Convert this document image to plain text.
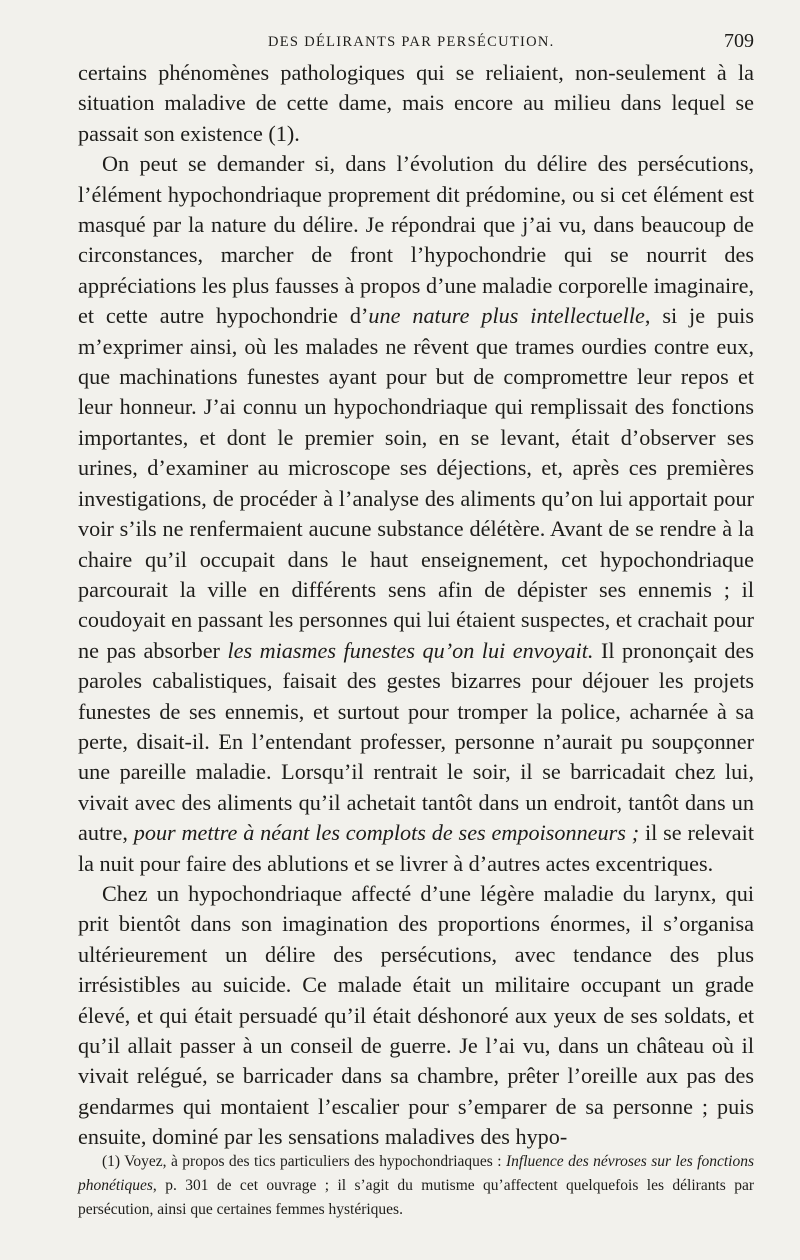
DES DÉLIRANTS PAR PERSÉCUTION.	709

certains phénomènes pathologiques qui se reliaient, non-seulement à la situation maladive de cette dame, mais encore au milieu dans lequel se passait son existence (1).

On peut se demander si, dans l’évolution du délire des persécutions, l’élément hypochondriaque proprement dit prédomine, ou si cet élément est masqué par la nature du délire. Je répondrai que j’ai vu, dans beaucoup de circonstances, marcher de front l’hypochondrie qui se nourrit des appréciations les plus fausses à propos d’une maladie corporelle imaginaire, et cette autre hypochondrie d’une nature plus intellectuelle, si je puis m’exprimer ainsi, où les malades ne rêvent que trames ourdies contre eux, que machinations funestes ayant pour but de compromettre leur repos et leur honneur. J’ai connu un hypochondriaque qui remplissait des fonctions importantes, et dont le premier soin, en se levant, était d’observer ses urines, d’examiner au microscope ses déjections, et, après ces premières investigations, de procéder à l’analyse des aliments qu’on lui apportait pour voir s’ils ne renfermaient aucune substance délétère. Avant de se rendre à la chaire qu’il occupait dans le haut enseignement, cet hypochondriaque parcourait la ville en différents sens afin de dépister ses ennemis ; il coudoyait en passant les personnes qui lui étaient suspectes, et crachait pour ne pas absorber les miasmes funestes qu’on lui envoyait. Il prononçait des paroles cabalistiques, faisait des gestes bizarres pour déjouer les projets funestes de ses ennemis, et surtout pour tromper la police, acharnée à sa perte, disait-il. En l’entendant professer, personne n’aurait pu soupçonner une pareille maladie. Lorsqu’il rentrait le soir, il se barricadait chez lui, vivait avec des aliments qu’il achetait tantôt dans un endroit, tantôt dans un autre, pour mettre à néant les complots de ses empoisonneurs ; il se relevait la nuit pour faire des ablutions et se livrer à d’autres actes excentriques.

Chez un hypochondriaque affecté d’une légère maladie du larynx, qui prit bientôt dans son imagination des proportions énormes, il s’organisa ultérieurement un délire des persécutions, avec tendance des plus irrésistibles au suicide. Ce malade était un militaire occupant un grade élevé, et qui était persuadé qu’il était déshonoré aux yeux de ses soldats, et qu’il allait passer à un conseil de guerre. Je l’ai vu, dans un château où il vivait relégué, se barricader dans sa chambre, prêter l’oreille aux pas des gendarmes qui montaient l’escalier pour s’emparer de sa personne ; puis ensuite, dominé par les sensations maladives des hypo-

(1) Voyez, à propos des tics particuliers des hypochondriaques : Influence des névroses sur les fonctions phonétiques, p. 301 de cet ouvrage ; il s’agit du mutisme qu’affectent quelquefois les délirants par persécution, ainsi que certaines femmes hystériques.
